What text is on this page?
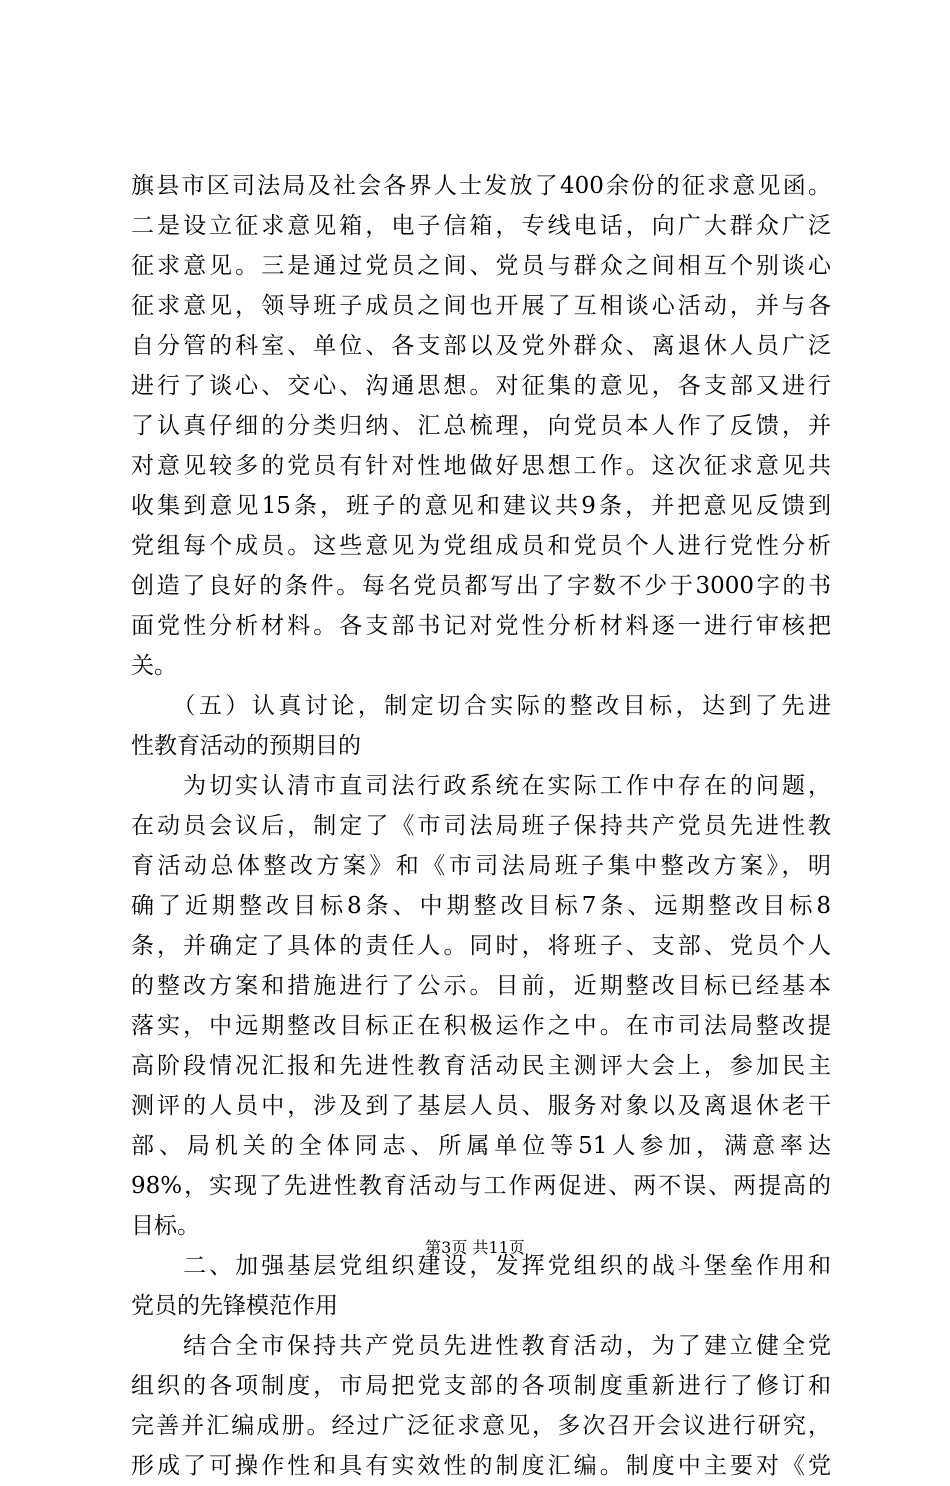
旗县市区司法局及社会各界人士发放了400余份的征求意见函。
二是设立征求意见箱，电子信箱，专线电话，向广大群众广泛
征求意见。三是通过党员之间、党员与群众之间相互个别谈心
征求意见，领导班子成员之间也开展了互相谈心活动，并与各
自分管的科室、单位、各支部以及党外群众、离退休人员广泛
进行了谈心、交心、沟通思想。对征集的意见，各支部又进行
了认真仔细的分类归纳、汇总梳理，向党员本人作了反馈，并
对意见较多的党员有针对性地做好思想工作。这次征求意见共
收集到意见15条，班子的意见和建议共9条，并把意见反馈到
党组每个成员。这些意见为党组成员和党员个人进行党性分析
创造了良好的条件。每名党员都写出了字数不少于3000字的书
面党性分析材料。各支部书记对党性分析材料逐一进行审核把
关。
　　（五）认真讨论，制定切合实际的整改目标，达到了先进
性教育活动的预期目的
　　为切实认清市直司法行政系统在实际工作中存在的问题，
在动员会议后，制定了《市司法局班子保持共产党员先进性教
育活动总体整改方案》和《市司法局班子集中整改方案》，明
确了近期整改目标8条、中期整改目标7条、远期整改目标8
条，并确定了具体的责任人。同时，将班子、支部、党员个人
的整改方案和措施进行了公示。目前，近期整改目标已经基本
落实，中远期整改目标正在积极运作之中。在市司法局整改提
高阶段情况汇报和先进性教育活动民主测评大会上，参加民主
测评的人员中，涉及到了基层人员、服务对象以及离退休老干
部、局机关的全体同志、所属单位等51人参加，满意率达
98%，实现了先进性教育活动与工作两促进、两不误、两提高的
目标。
　　二、加强基层党组织建设，发挥党组织的战斗堡垒作用和
党员的先锋模范作用
　　结合全市保持共产党员先进性教育活动，为了建立健全党
组织的各项制度，市局把党支部的各项制度重新进行了修订和
完善并汇编成册。经过广泛征求意见，多次召开会议进行研究，
形成了可操作性和具有实效性的制度汇编。制度中主要对《党
第3页 共11页
